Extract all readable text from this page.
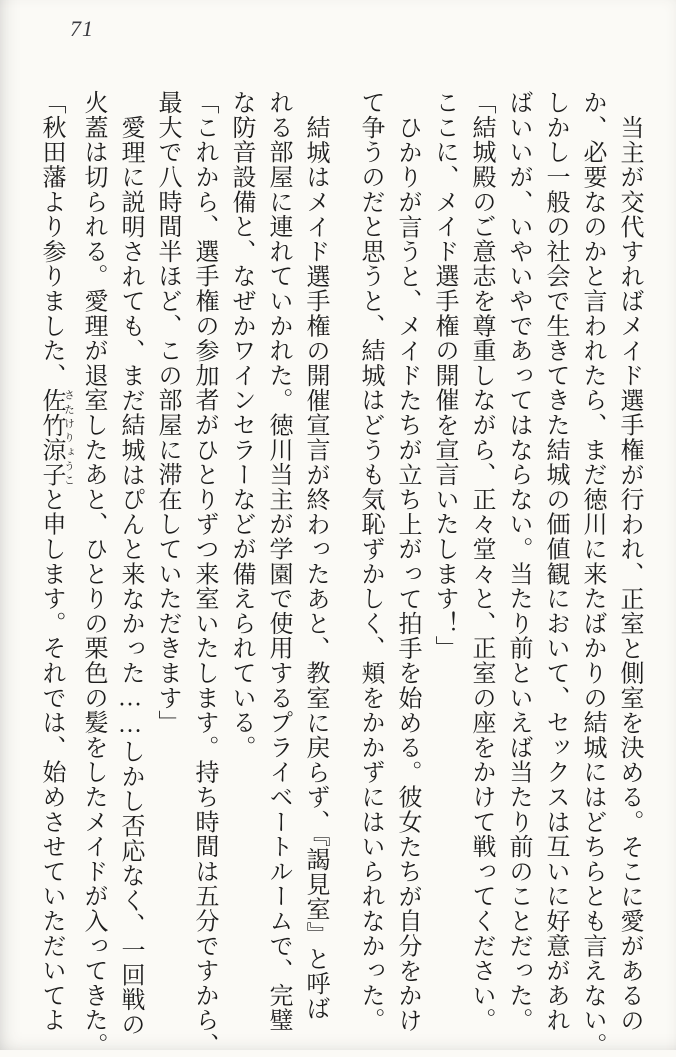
71
当主が交代すればメイド選手権が行われ、正室と側室を決める。そこに愛があるの
か、必要なのかと言われたら、まだ徳川に来たばかりの結城にはどちらとも言えない。
しかし一般の社会で生きてきた結城の価値観において、セックスは互いに好意があれ
ばいいが、いやいやであってはならない。当たり前といえば当たり前のことだった。
「結城殿のご意志を尊重しながら、正々堂々と、正室の座をかけて戦ってください。
ここに、メイド選手権の開催を宣言いたします！」
ひかりが言うと、メイドたちが立ち上がって拍手を始める。彼女たちが自分をかけ
て争うのだと思うと、結城はどうも気恥ずかしく、頬をかかずにはいられなかった。
結城はメイド選手権の開催宣言が終わったあと、教室に戻らず、『謁見室』と呼ば
れる部屋に連れていかれた。徳川当主が学園で使用するプライベートルームで、完璧
な防音設備と、なぜかワインセラーなどが備えられている。
「これから、選手権の参加者がひとりずつ来室いたします。持ち時間は五分ですから、
最大で八時間半ほど、この部屋に滞在していただきます」
愛理に説明されても、まだ結城はぴんと来なかった……しかし否応なく、一回戦の
火蓋は切られる。愛理が退室したあと、ひとりの栗色の髪をしたメイドが入ってきた。
「秋田藩より参りました、佐竹涼子 さたけりょうこと申します。それでは、始めさせていただいてよ
